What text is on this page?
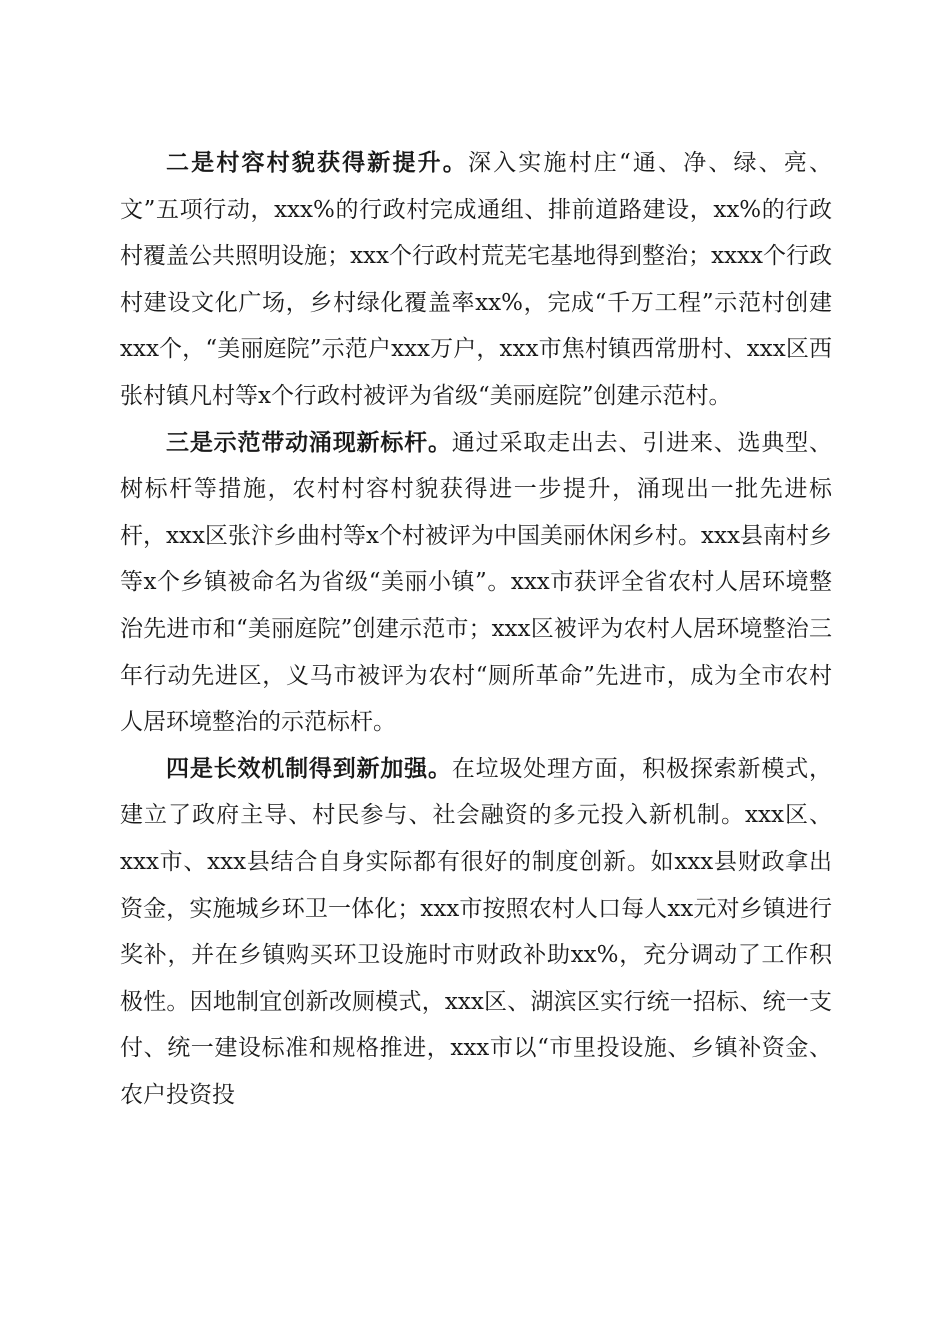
二是村容村貌获得新提升。深入实施村庄“通、净、绿、亮、文”五项行动，xxx%的行政村完成通组、排前道路建设，xx%的行政村覆盖公共照明设施；xxx个行政村荒芜宅基地得到整治；xxxx个行政村建设文化广场，乡村绿化覆盖率xx%，完成“千万工程”示范村创建xxx个，“美丽庭院”示范户xxx万户，xxx市焦村镇西常册村、xxx区西张村镇凡村等x个行政村被评为省级“美丽庭院”创建示范村。

三是示范带动涌现新标杆。通过采取走出去、引进来、选典型、树标杆等措施，农村村容村貌获得进一步提升，涌现出一批先进标杆，xxx区张汴乡曲村等x个村被评为中国美丽休闲乡村。xxx县南村乡等x个乡镇被命名为省级“美丽小镇”。xxx市获评全省农村人居环境整治先进市和“美丽庭院”创建示范市；xxx区被评为农村人居环境整治三年行动先进区，义马市被评为农村“厕所革命”先进市，成为全市农村人居环境整治的示范标杆。

四是长效机制得到新加强。在垃圾处理方面，积极探索新模式，建立了政府主导、村民参与、社会融资的多元投入新机制。xxx区、xxx市、xxx县结合自身实际都有很好的制度创新。如xxx县财政拿出资金，实施城乡环卫一体化；xxx市按照农村人口每人xx元对乡镇进行奖补，并在乡镇购买环卫设施时市财政补助xx%，充分调动了工作积极性。因地制宜创新改厕模式，xxx区、湖滨区实行统一招标、统一支付、统一建设标准和规格推进，xxx市以“市里投设施、乡镇补资金、农户投资投
